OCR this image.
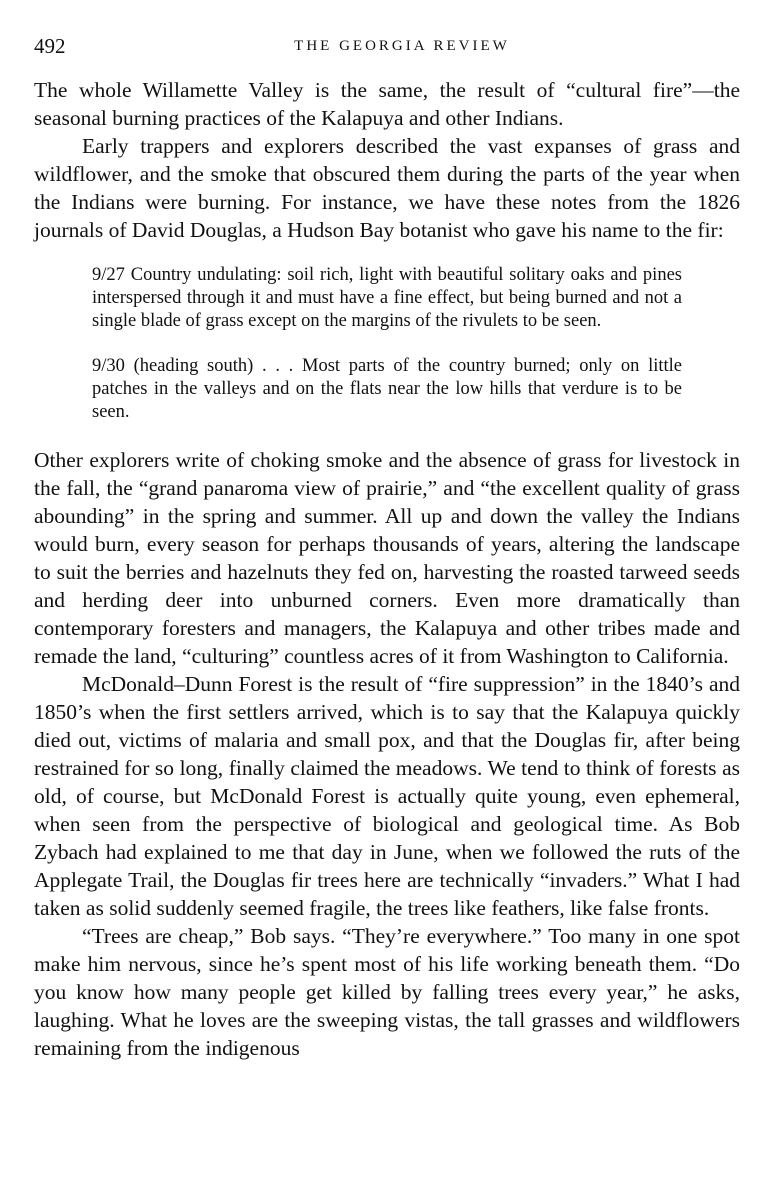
492	THE GEORGIA REVIEW

The whole Willamette Valley is the same, the result of “cultural fire”—the seasonal burning practices of the Kalapuya and other Indians.

Early trappers and explorers described the vast expanses of grass and wildflower, and the smoke that obscured them during the parts of the year when the Indians were burning. For instance, we have these notes from the 1826 journals of David Douglas, a Hudson Bay botanist who gave his name to the fir:

9/27 Country undulating: soil rich, light with beautiful solitary oaks and pines interspersed through it and must have a fine effect, but being burned and not a single blade of grass except on the margins of the rivulets to be seen.

9/30 (heading south) . . . Most parts of the country burned; only on little patches in the valleys and on the flats near the low hills that verdure is to be seen.

Other explorers write of choking smoke and the absence of grass for livestock in the fall, the “grand panaroma view of prairie,” and “the excellent quality of grass abounding” in the spring and summer. All up and down the valley the Indians would burn, every season for perhaps thousands of years, altering the landscape to suit the berries and hazelnuts they fed on, harvesting the roasted tarweed seeds and herding deer into unburned corners. Even more dramatically than contemporary foresters and managers, the Kalapuya and other tribes made and remade the land, “culturing” countless acres of it from Washington to California.

McDonald–Dunn Forest is the result of “fire suppression” in the 1840’s and 1850’s when the first settlers arrived, which is to say that the Kalapuya quickly died out, victims of malaria and small pox, and that the Douglas fir, after being restrained for so long, finally claimed the meadows. We tend to think of forests as old, of course, but McDonald Forest is actually quite young, even ephemeral, when seen from the perspective of biological and geological time. As Bob Zybach had explained to me that day in June, when we followed the ruts of the Applegate Trail, the Douglas fir trees here are technically “invaders.” What I had taken as solid suddenly seemed fragile, the trees like feathers, like false fronts.

“Trees are cheap,” Bob says. “They’re everywhere.” Too many in one spot make him nervous, since he’s spent most of his life working beneath them. “Do you know how many people get killed by falling trees every year,” he asks, laughing. What he loves are the sweeping vistas, the tall grasses and wildflowers remaining from the indigenous
